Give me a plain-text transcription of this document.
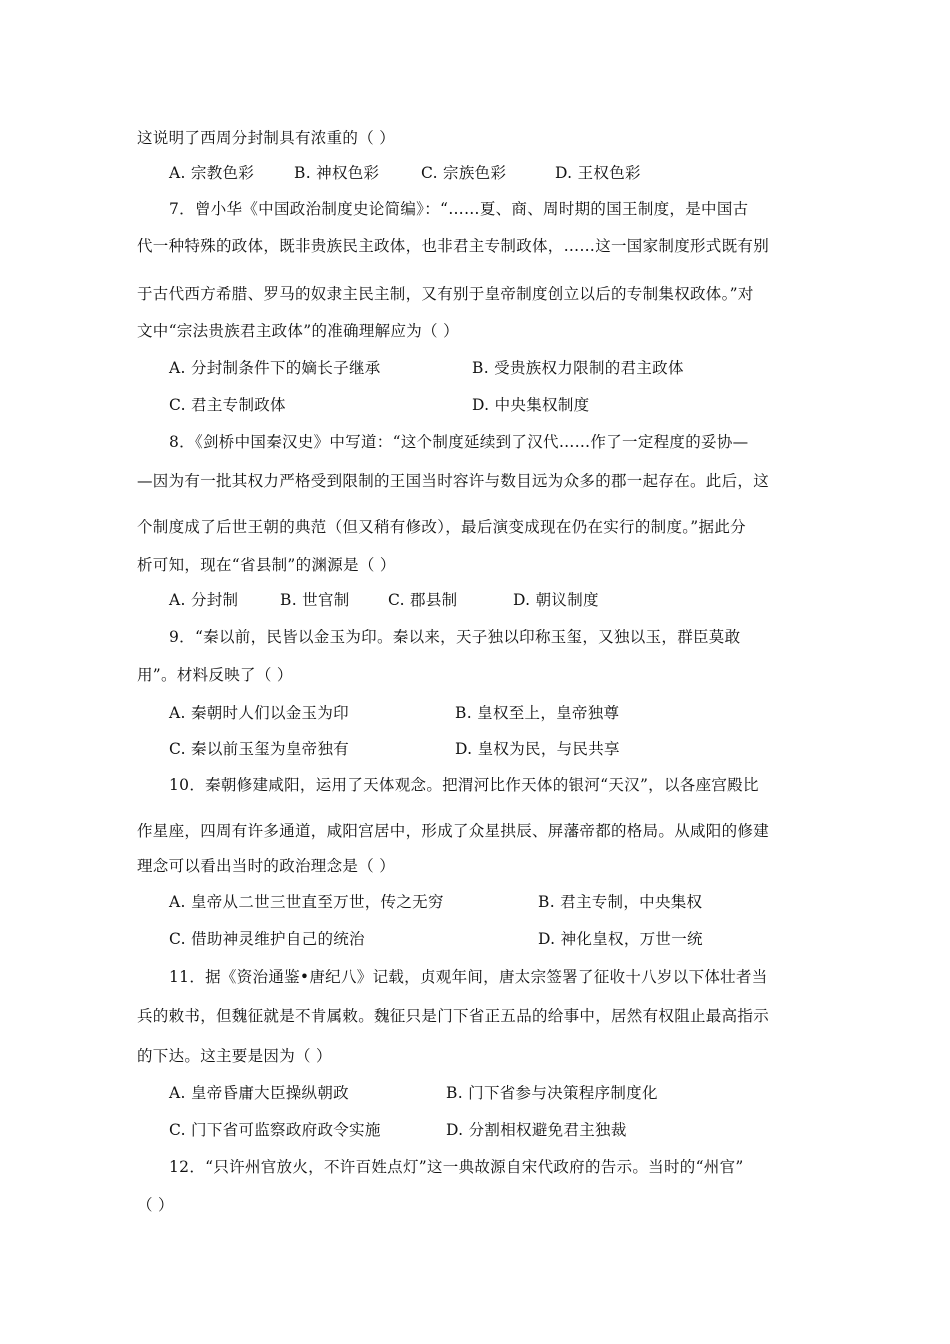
这说明了西周分封制具有浓重的（ ）
A. 宗教色彩	B. 神权色彩	C. 宗族色彩	D. 王权色彩
7．曾小华《中国政治制度史论简编》：“……夏、商、周时期的国王制度，是中国古
代一种特殊的政体，既非贵族民主政体，也非君主专制政体，……这一国家制度形式既有别
于古代西方希腊、罗马的奴隶主民主制，又有别于皇帝制度创立以后的专制集权政体。”对
文中“宗法贵族君主政体”的准确理解应为（ ）
A. 分封制条件下的嫡长子继承	B. 受贵族权力限制的君主政体
C. 君主专制政体	D. 中央集权制度
8．《剑桥中国秦汉史》中写道：“这个制度延续到了汉代……作了一定程度的妥协—
—因为有一批其权力严格受到限制的王国当时容许与数目远为众多的郡一起存在。此后，这
个制度成了后世王朝的典范（但又稍有修改），最后演变成现在仍在实行的制度。”据此分
析可知，现在“省县制”的渊源是（ ）
A. 分封制	B. 世官制 C. 郡县制	D. 朝议制度
9．“秦以前，民皆以金玉为印。秦以来，天子独以印称玉玺，又独以玉，群臣莫敢
用”。材料反映了（ ）
A. 秦朝时人们以金玉为印	B. 皇权至上，皇帝独尊
C. 秦以前玉玺为皇帝独有	D. 皇权为民，与民共享
10．秦朝修建咸阳，运用了天体观念。把渭河比作天体的银河“天汉”，以各座宫殿比
作星座，四周有许多通道，咸阳宫居中，形成了众星拱辰、屏藩帝都的格局。从咸阳的修建
理念可以看出当时的政治理念是（ ）
A. 皇帝从二世三世直至万世，传之无穷	B. 君主专制，中央集权
C. 借助神灵维护自己的统治	D. 神化皇权，万世一统
11．据《资治通鉴•唐纪八》记载，贞观年间，唐太宗签署了征收十八岁以下体壮者当
兵的敕书，但魏征就是不肯属敕。魏征只是门下省正五品的给事中，居然有权阻止最高指示
的下达。这主要是因为（ ）
A. 皇帝昏庸大臣操纵朝政	B. 门下省参与决策程序制度化
C. 门下省可监察政府政令实施	D. 分割相权避免君主独裁
12．“只许州官放火，不许百姓点灯”这一典故源自宋代政府的告示。当时的“州官”
（ ）
